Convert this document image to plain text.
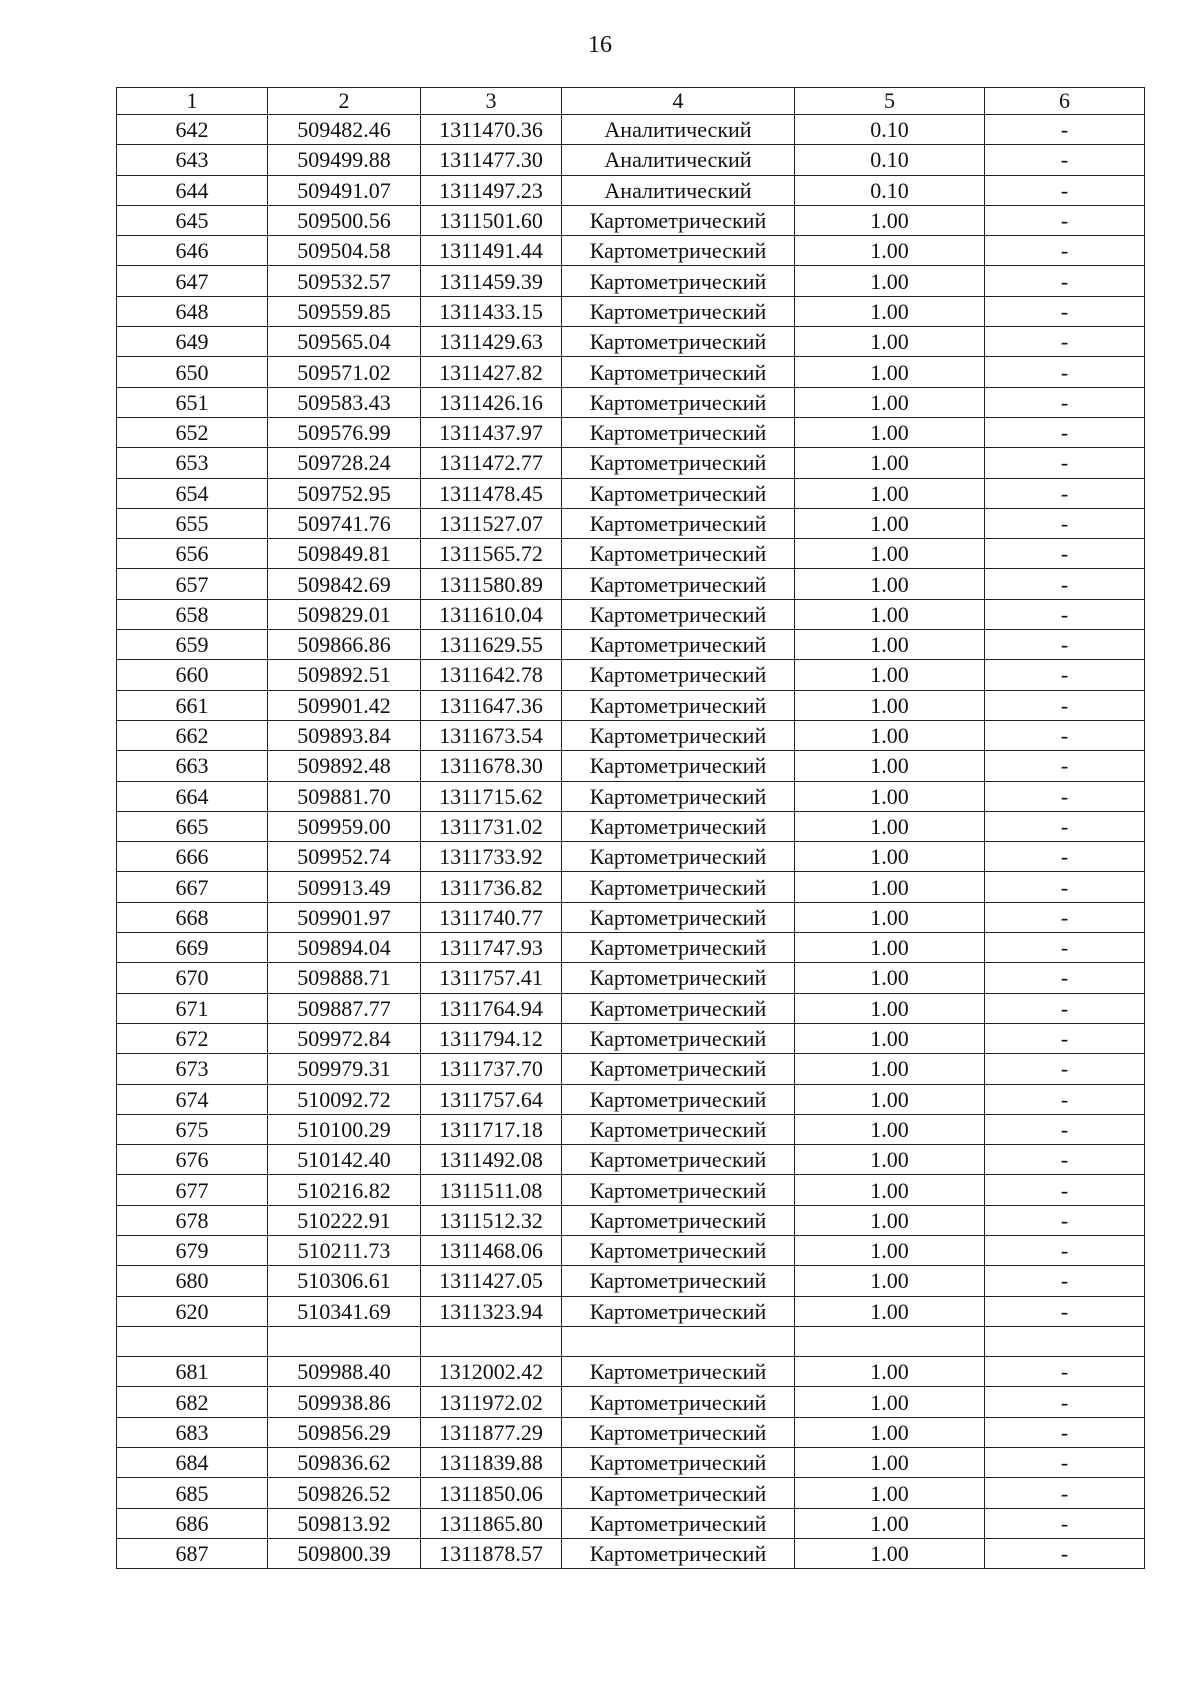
16
1	2	3	4	5	6
642	509482.46	1311470.36	Аналитический	0.10	-
643	509499.88	1311477.30	Аналитический	0.10	-
644	509491.07	1311497.23	Аналитический	0.10	-
645	509500.56	1311501.60	Картометрический	1.00	-
646	509504.58	1311491.44	Картометрический	1.00	-
647	509532.57	1311459.39	Картометрический	1.00	-
648	509559.85	1311433.15	Картометрический	1.00	-
649	509565.04	1311429.63	Картометрический	1.00	-
650	509571.02	1311427.82	Картометрический	1.00	-
651	509583.43	1311426.16	Картометрический	1.00	-
652	509576.99	1311437.97	Картометрический	1.00	-
653	509728.24	1311472.77	Картометрический	1.00	-
654	509752.95	1311478.45	Картометрический	1.00	-
655	509741.76	1311527.07	Картометрический	1.00	-
656	509849.81	1311565.72	Картометрический	1.00	-
657	509842.69	1311580.89	Картометрический	1.00	-
658	509829.01	1311610.04	Картометрический	1.00	-
659	509866.86	1311629.55	Картометрический	1.00	-
660	509892.51	1311642.78	Картометрический	1.00	-
661	509901.42	1311647.36	Картометрический	1.00	-
662	509893.84	1311673.54	Картометрический	1.00	-
663	509892.48	1311678.30	Картометрический	1.00	-
664	509881.70	1311715.62	Картометрический	1.00	-
665	509959.00	1311731.02	Картометрический	1.00	-
666	509952.74	1311733.92	Картометрический	1.00	-
667	509913.49	1311736.82	Картометрический	1.00	-
668	509901.97	1311740.77	Картометрический	1.00	-
669	509894.04	1311747.93	Картометрический	1.00	-
670	509888.71	1311757.41	Картометрический	1.00	-
671	509887.77	1311764.94	Картометрический	1.00	-
672	509972.84	1311794.12	Картометрический	1.00	-
673	509979.31	1311737.70	Картометрический	1.00	-
674	510092.72	1311757.64	Картометрический	1.00	-
675	510100.29	1311717.18	Картометрический	1.00	-
676	510142.40	1311492.08	Картометрический	1.00	-
677	510216.82	1311511.08	Картометрический	1.00	-
678	510222.91	1311512.32	Картометрический	1.00	-
679	510211.73	1311468.06	Картометрический	1.00	-
680	510306.61	1311427.05	Картометрический	1.00	-
620	510341.69	1311323.94	Картометрический	1.00	-

681	509988.40	1312002.42	Картометрический	1.00	-
682	509938.86	1311972.02	Картометрический	1.00	-
683	509856.29	1311877.29	Картометрический	1.00	-
684	509836.62	1311839.88	Картометрический	1.00	-
685	509826.52	1311850.06	Картометрический	1.00	-
686	509813.92	1311865.80	Картометрический	1.00	-
687	509800.39	1311878.57	Картометрический	1.00	-
